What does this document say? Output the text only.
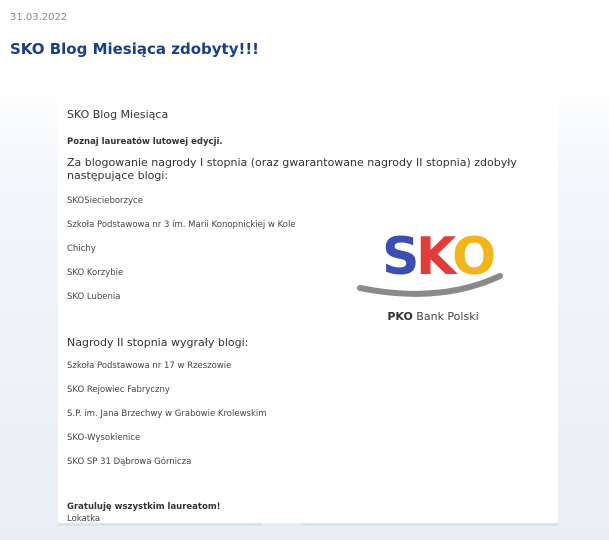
31.03.2022
SKO Blog Miesiąca zdobyty!!!
SKO Blog Miesiąca
Poznaj laureatów lutowej edycji.
Za blogowanie nagrody I stopnia (oraz gwarantowane nagrody II stopnia) zdobyły następujące blogi:
SKOSiecieborzyce
Szkoła Podstawowa nr 3 im. Marii Konopnickiej w Kole
Chichy
SKO Korzybie
SKO Lubenia
S
K
O
PKO Bank Polski
Nagrody II stopnia wygrały blogi:
Szkoła Podstawowa nr 17 w Rzeszowie
SKO Rejowiec Fabryczny
S.P. im. Jana Brzechwy w Grabowie Krolewskim
SKO-Wysokienice
SKO SP 31 Dąbrowa Górnicza
Gratuluję wszystkim laureatom!
Lokatka
